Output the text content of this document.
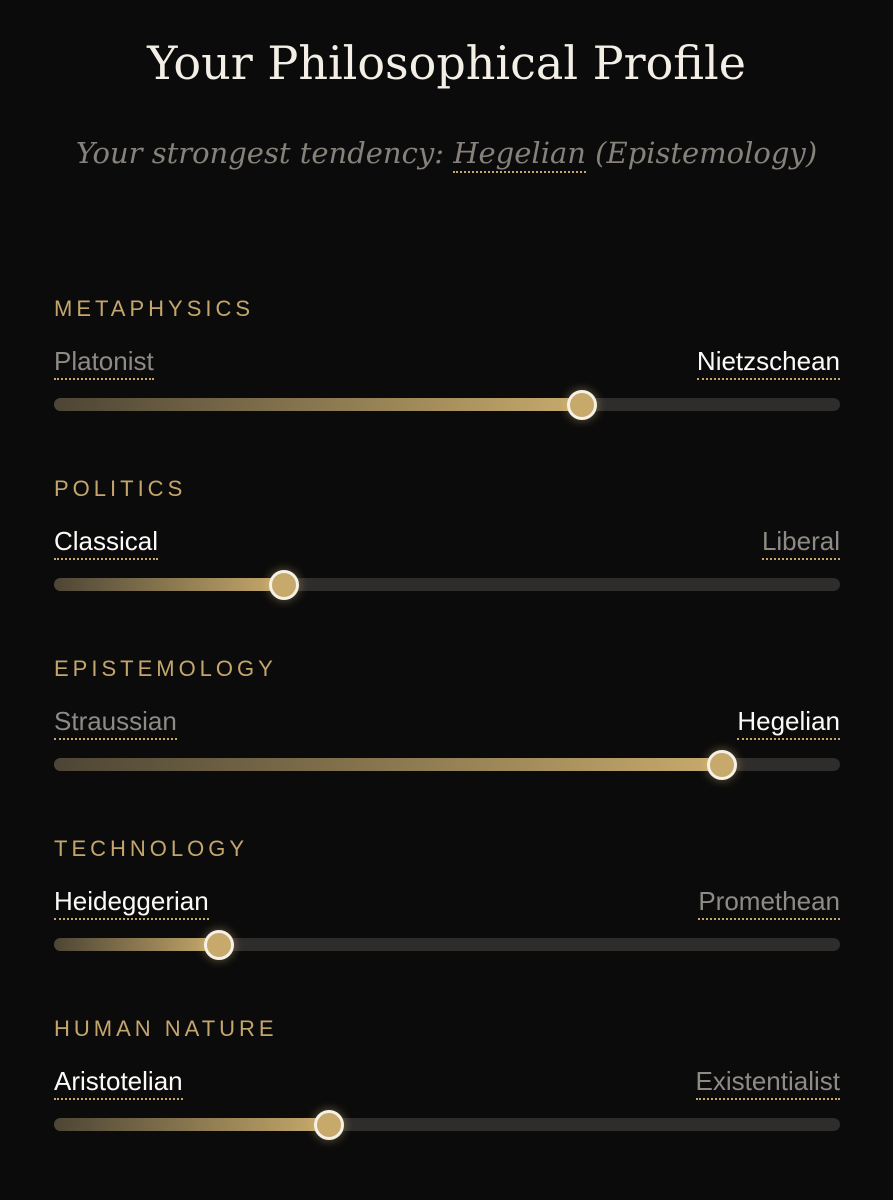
Your Philosophical Profile
Your strongest tendency: Hegelian (Epistemology)
METAPHYSICS
Platonist	Nietzschean
POLITICS
Classical	Liberal
EPISTEMOLOGY
Straussian	Hegelian
TECHNOLOGY
Heideggerian	Promethean
HUMAN NATURE
Aristotelian	Existentialist
